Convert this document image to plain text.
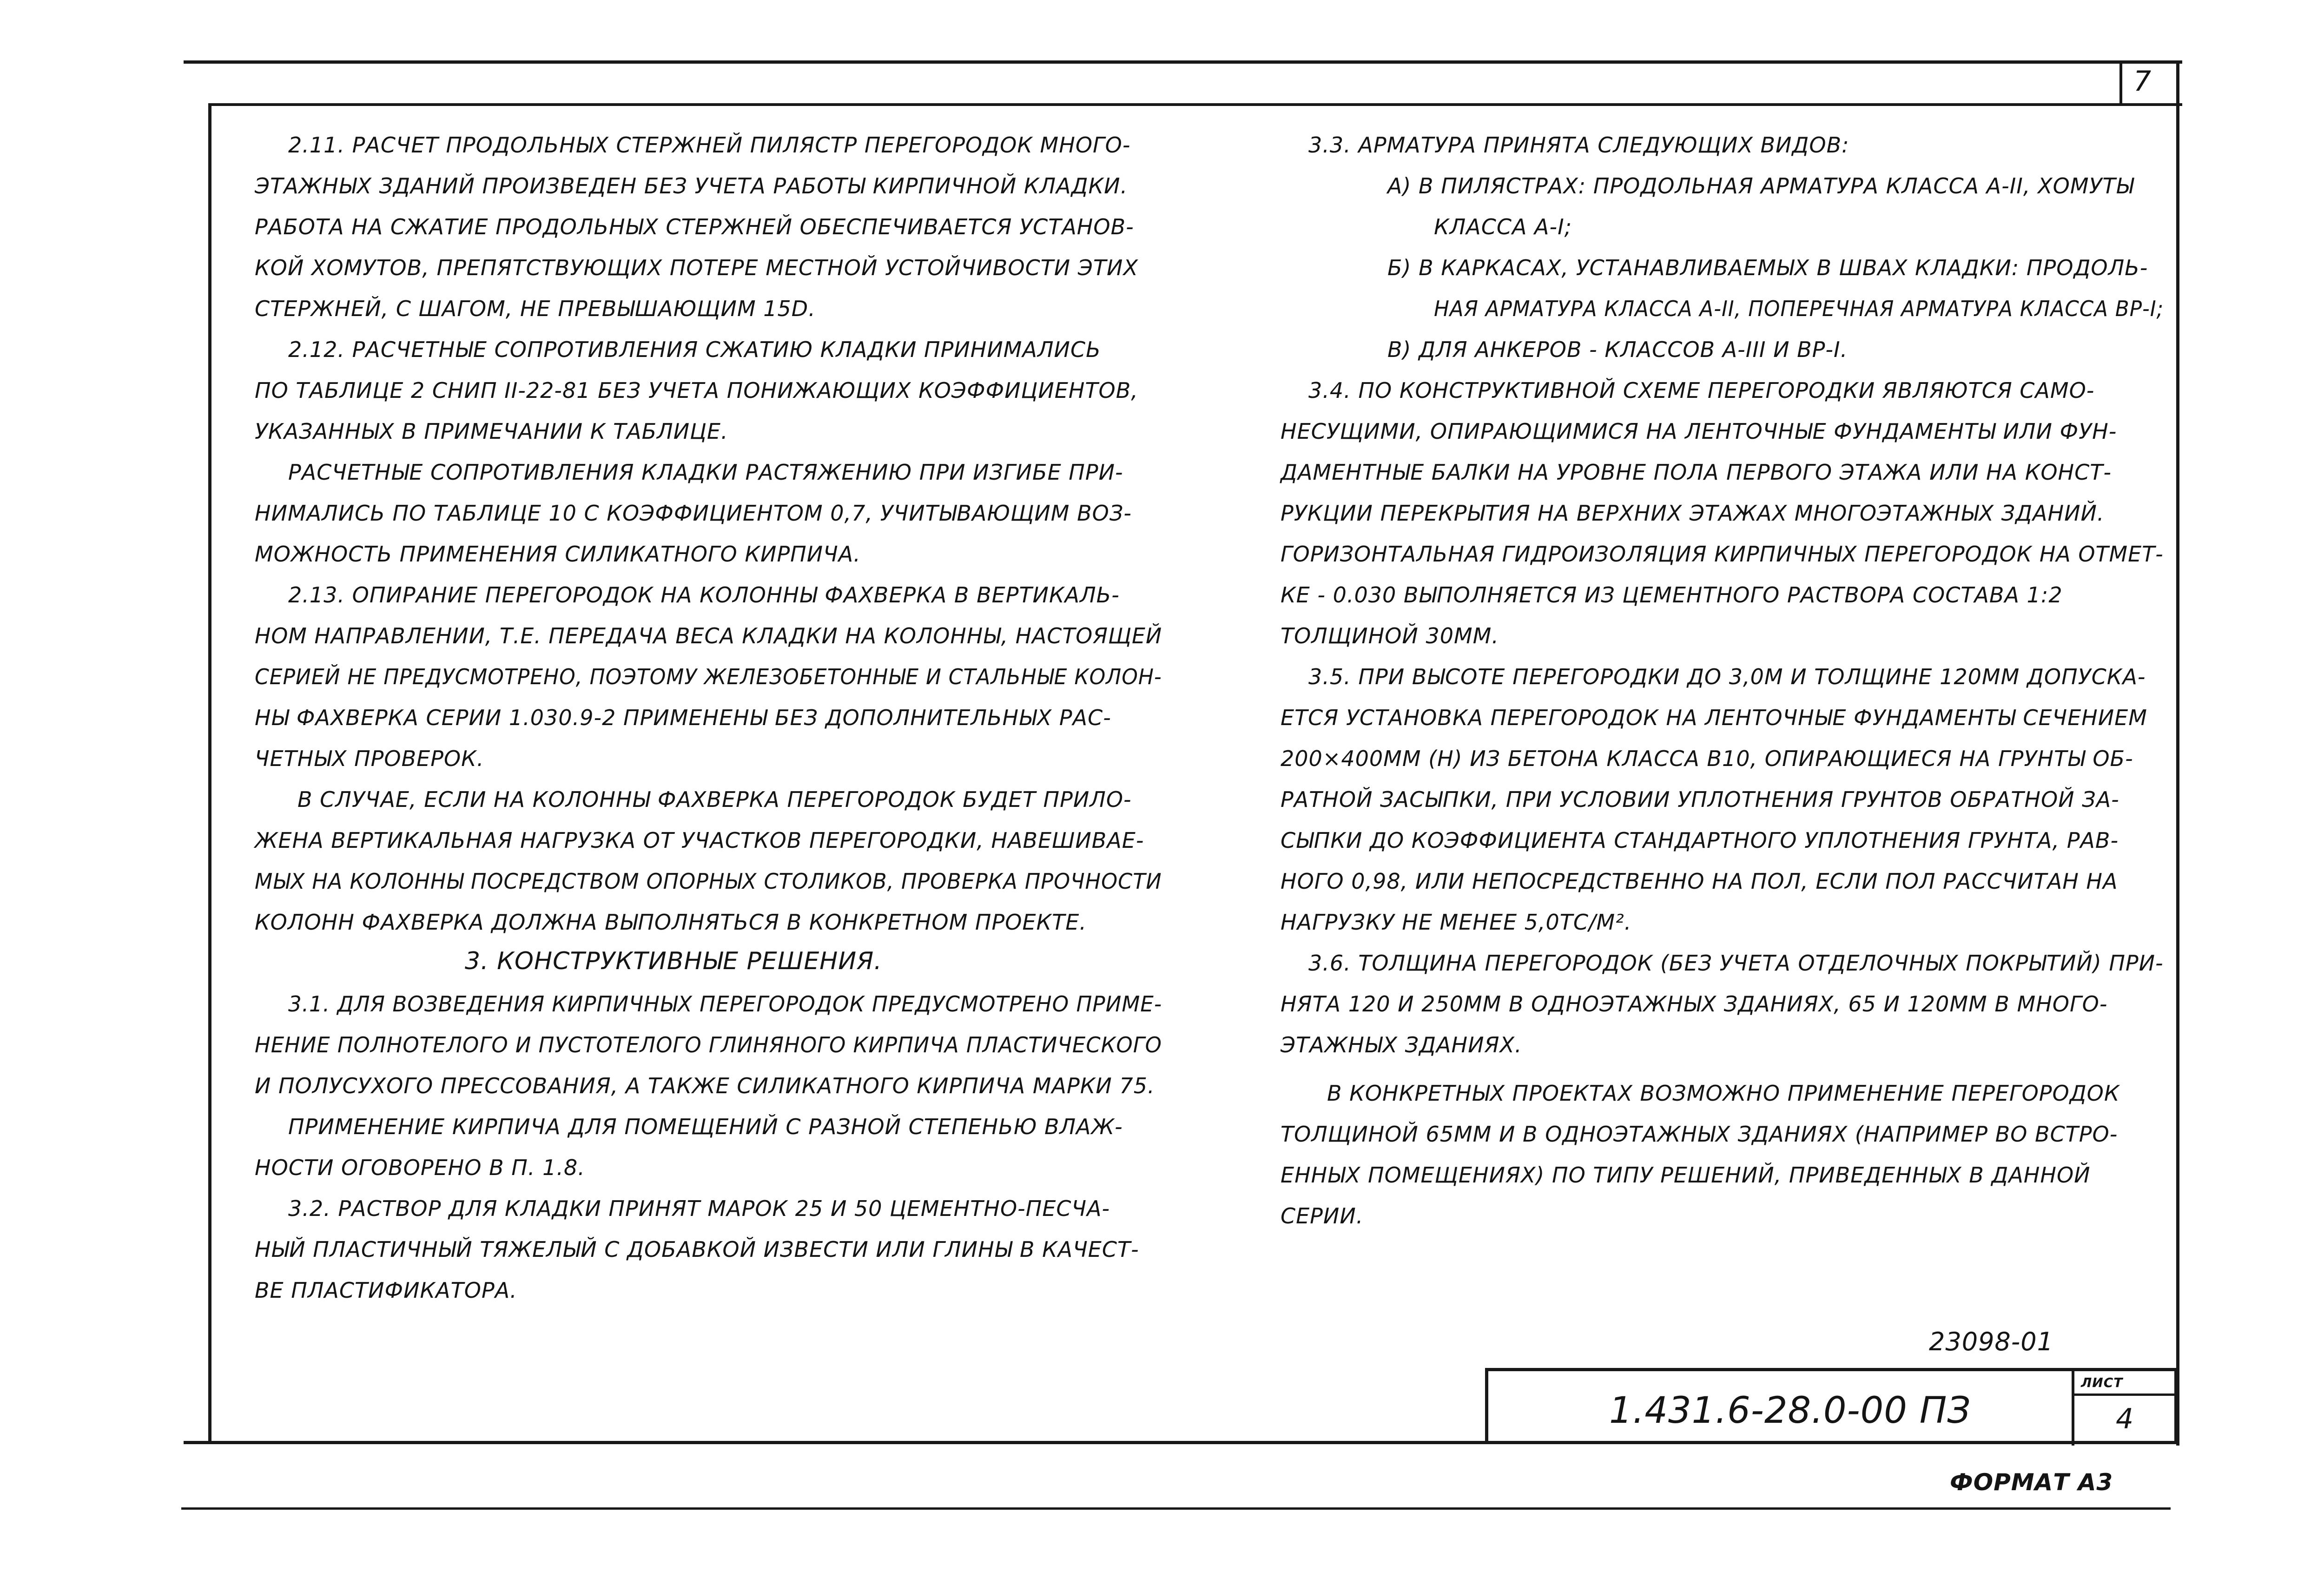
7
2.11. РАСЧЕТ ПРОДОЛЬНЫХ СТЕРЖНЕЙ ПИЛЯСТР ПЕРЕГОРОДОК МНОГО-
ЭТАЖНЫХ ЗДАНИЙ ПРОИЗВЕДЕН БЕЗ УЧЕТА РАБОТЫ КИРПИЧНОЙ КЛАДКИ.
РАБОТА НА СЖАТИЕ ПРОДОЛЬНЫХ СТЕРЖНЕЙ ОБЕСПЕЧИВАЕТСЯ УСТАНОВ-
КОЙ ХОМУТОВ, ПРЕПЯТСТВУЮЩИХ ПОТЕРЕ МЕСТНОЙ УСТОЙЧИВОСТИ ЭТИХ
СТЕРЖНЕЙ, С ШАГОМ, НЕ ПРЕВЫШАЮЩИМ 15D.
2.12. РАСЧЕТНЫЕ СОПРОТИВЛЕНИЯ СЖАТИЮ КЛАДКИ ПРИНИМАЛИСЬ
ПО ТАБЛИЦЕ 2 СНИП II-22-81 БЕЗ УЧЕТА ПОНИЖАЮЩИХ КОЭФФИЦИЕНТОВ,
УКАЗАННЫХ В ПРИМЕЧАНИИ К ТАБЛИЦЕ.
РАСЧЕТНЫЕ СОПРОТИВЛЕНИЯ КЛАДКИ РАСТЯЖЕНИЮ ПРИ ИЗГИБЕ ПРИ-
НИМАЛИСЬ ПО ТАБЛИЦЕ 10 С КОЭФФИЦИЕНТОМ 0,7, УЧИТЫВАЮЩИМ ВОЗ-
МОЖНОСТЬ ПРИМЕНЕНИЯ СИЛИКАТНОГО КИРПИЧА.
2.13. ОПИРАНИЕ ПЕРЕГОРОДОК НА КОЛОННЫ ФАХВЕРКА В ВЕРТИКАЛЬ-
НОМ НАПРАВЛЕНИИ, Т.Е. ПЕРЕДАЧА ВЕСА КЛАДКИ НА КОЛОННЫ, НАСТОЯЩЕЙ
СЕРИЕЙ НЕ ПРЕДУСМОТРЕНО, ПОЭТОМУ ЖЕЛЕЗОБЕТОННЫЕ И СТАЛЬНЫЕ КОЛОН-
НЫ ФАХВЕРКА СЕРИИ 1.030.9-2 ПРИМЕНЕНЫ БЕЗ ДОПОЛНИТЕЛЬНЫХ РАС-
ЧЕТНЫХ ПРОВЕРОК.
В СЛУЧАЕ, ЕСЛИ НА КОЛОННЫ ФАХВЕРКА ПЕРЕГОРОДОК БУДЕТ ПРИЛО-
ЖЕНА ВЕРТИКАЛЬНАЯ НАГРУЗКА ОТ УЧАСТКОВ ПЕРЕГОРОДКИ, НАВЕШИВАЕ-
МЫХ НА КОЛОННЫ ПОСРЕДСТВОМ ОПОРНЫХ СТОЛИКОВ, ПРОВЕРКА ПРОЧНОСТИ
КОЛОНН ФАХВЕРКА ДОЛЖНА ВЫПОЛНЯТЬСЯ В КОНКРЕТНОМ ПРОЕКТЕ.
3. КОНСТРУКТИВНЫЕ РЕШЕНИЯ.
3.1. ДЛЯ ВОЗВЕДЕНИЯ КИРПИЧНЫХ ПЕРЕГОРОДОК ПРЕДУСМОТРЕНО ПРИМЕ-
НЕНИЕ ПОЛНОТЕЛОГО И ПУСТОТЕЛОГО ГЛИНЯНОГО КИРПИЧА ПЛАСТИЧЕСКОГО
И ПОЛУСУХОГО ПРЕССОВАНИЯ, А ТАКЖЕ СИЛИКАТНОГО КИРПИЧА МАРКИ 75.
ПРИМЕНЕНИЕ КИРПИЧА ДЛЯ ПОМЕЩЕНИЙ С РАЗНОЙ СТЕПЕНЬЮ ВЛАЖ-
НОСТИ ОГОВОРЕНО В П. 1.8.
3.2. РАСТВОР ДЛЯ КЛАДКИ ПРИНЯТ МАРОК 25 И 50 ЦЕМЕНТНО-ПЕСЧА-
НЫЙ ПЛАСТИЧНЫЙ ТЯЖЕЛЫЙ С ДОБАВКОЙ ИЗВЕСТИ ИЛИ ГЛИНЫ В КАЧЕСТ-
ВЕ ПЛАСТИФИКАТОРА.
3.3. АРМАТУРА ПРИНЯТА СЛЕДУЮЩИХ ВИДОВ:
А) В ПИЛЯСТРАХ: ПРОДОЛЬНАЯ АРМАТУРА КЛАССА А-II, ХОМУТЫ
КЛАССА А-I;
Б) В КАРКАСАХ, УСТАНАВЛИВАЕМЫХ В ШВАХ КЛАДКИ: ПРОДОЛЬ-
НАЯ АРМАТУРА КЛАССА А-II, ПОПЕРЕЧНАЯ АРМАТУРА КЛАССА ВР-I;
В) ДЛЯ АНКЕРОВ - КЛАССОВ А-III И ВР-I.
3.4. ПО КОНСТРУКТИВНОЙ СХЕМЕ ПЕРЕГОРОДКИ ЯВЛЯЮТСЯ САМО-
НЕСУЩИМИ, ОПИРАЮЩИМИСЯ НА ЛЕНТОЧНЫЕ ФУНДАМЕНТЫ ИЛИ ФУН-
ДАМЕНТНЫЕ БАЛКИ НА УРОВНЕ ПОЛА ПЕРВОГО ЭТАЖА ИЛИ НА КОНСТ-
РУКЦИИ ПЕРЕКРЫТИЯ НА ВЕРХНИХ ЭТАЖАХ МНОГОЭТАЖНЫХ ЗДАНИЙ.
ГОРИЗОНТАЛЬНАЯ ГИДРОИЗОЛЯЦИЯ КИРПИЧНЫХ ПЕРЕГОРОДОК НА ОТМЕТ-
КЕ - 0.030 ВЫПОЛНЯЕТСЯ ИЗ ЦЕМЕНТНОГО РАСТВОРА СОСТАВА 1:2
ТОЛЩИНОЙ 30ММ.
3.5. ПРИ ВЫСОТЕ ПЕРЕГОРОДКИ ДО 3,0М И ТОЛЩИНЕ 120ММ ДОПУСКА-
ЕТСЯ УСТАНОВКА ПЕРЕГОРОДОК НА ЛЕНТОЧНЫЕ ФУНДАМЕНТЫ СЕЧЕНИЕМ
200×400ММ (H) ИЗ БЕТОНА КЛАССА В10, ОПИРАЮЩИЕСЯ НА ГРУНТЫ ОБ-
РАТНОЙ ЗАСЫПКИ, ПРИ УСЛОВИИ УПЛОТНЕНИЯ ГРУНТОВ ОБРАТНОЙ ЗА-
СЫПКИ ДО КОЭФФИЦИЕНТА СТАНДАРТНОГО УПЛОТНЕНИЯ ГРУНТА, РАВ-
НОГО 0,98, ИЛИ НЕПОСРЕДСТВЕННО НА ПОЛ, ЕСЛИ ПОЛ РАССЧИТАН НА
НАГРУЗКУ НЕ МЕНЕЕ 5,0ТС/М².
3.6. ТОЛЩИНА ПЕРЕГОРОДОК (БЕЗ УЧЕТА ОТДЕЛОЧНЫХ ПОКРЫТИЙ) ПРИ-
НЯТА 120 И 250ММ В ОДНОЭТАЖНЫХ ЗДАНИЯХ, 65 И 120ММ В МНОГО-
ЭТАЖНЫХ ЗДАНИЯХ.
В КОНКРЕТНЫХ ПРОЕКТАХ ВОЗМОЖНО ПРИМЕНЕНИЕ ПЕРЕГОРОДОК
ТОЛЩИНОЙ 65ММ И В ОДНОЭТАЖНЫХ ЗДАНИЯХ (НАПРИМЕР ВО ВСТРО-
ЕННЫХ ПОМЕЩЕНИЯХ) ПО ТИПУ РЕШЕНИЙ, ПРИВЕДЕННЫХ В ДАННОЙ
СЕРИИ.
23098-01
1.431.6-28.0-00 ПЗ
ЛИСТ
4
ФОРМАТ А3
